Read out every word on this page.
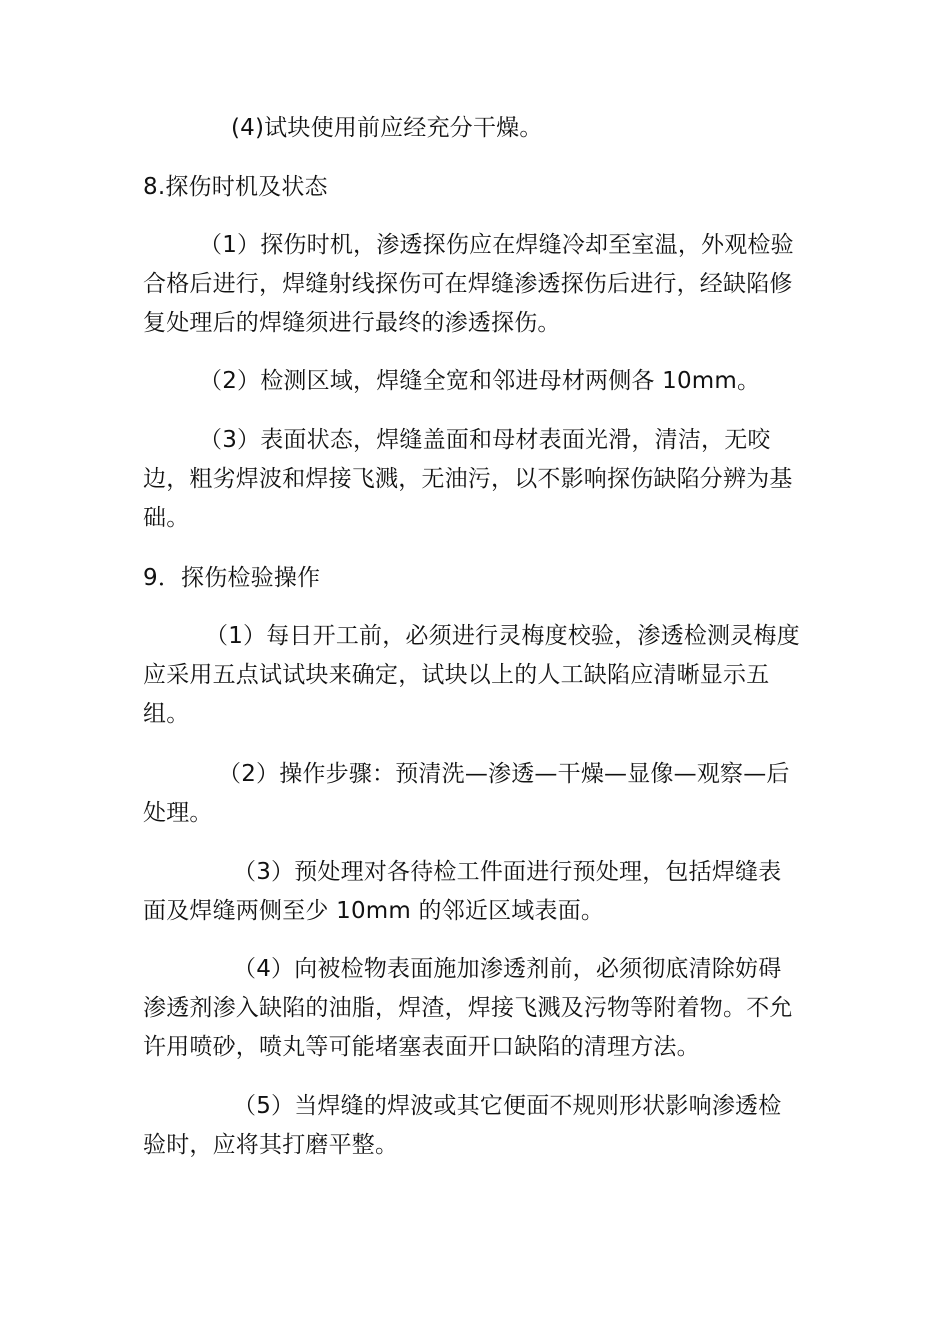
(4)试块使用前应经充分干燥。

8.探伤时机及状态

（1）探伤时机，渗透探伤应在焊缝冷却至室温，外观检验合格后进行，焊缝射线探伤可在焊缝渗透探伤后进行，经缺陷修复处理后的焊缝须进行最终的渗透探伤。

（2）检测区域，焊缝全宽和邻进母材两侧各 10mm。

（3）表面状态，焊缝盖面和母材表面光滑，清洁，无咬边，粗劣焊波和焊接飞溅，无油污，以不影响探伤缺陷分辨为基础。

9．探伤检验操作

（1）每日开工前，必须进行灵梅度校验，渗透检测灵梅度应采用五点试试块来确定，试块以上的人工缺陷应清晰显示五组。

（2）操作步骤：预清洗—渗透—干燥—显像—观察—后处理。

（3）预处理对各待检工件面进行预处理，包括焊缝表面及焊缝两侧至少 10mm 的邻近区域表面。

（4）向被检物表面施加渗透剂前，必须彻底清除妨碍渗透剂渗入缺陷的油脂，焊渣，焊接飞溅及污物等附着物。不允许用喷砂，喷丸等可能堵塞表面开口缺陷的清理方法。

（5）当焊缝的焊波或其它便面不规则形状影响渗透检验时，应将其打磨平整。
